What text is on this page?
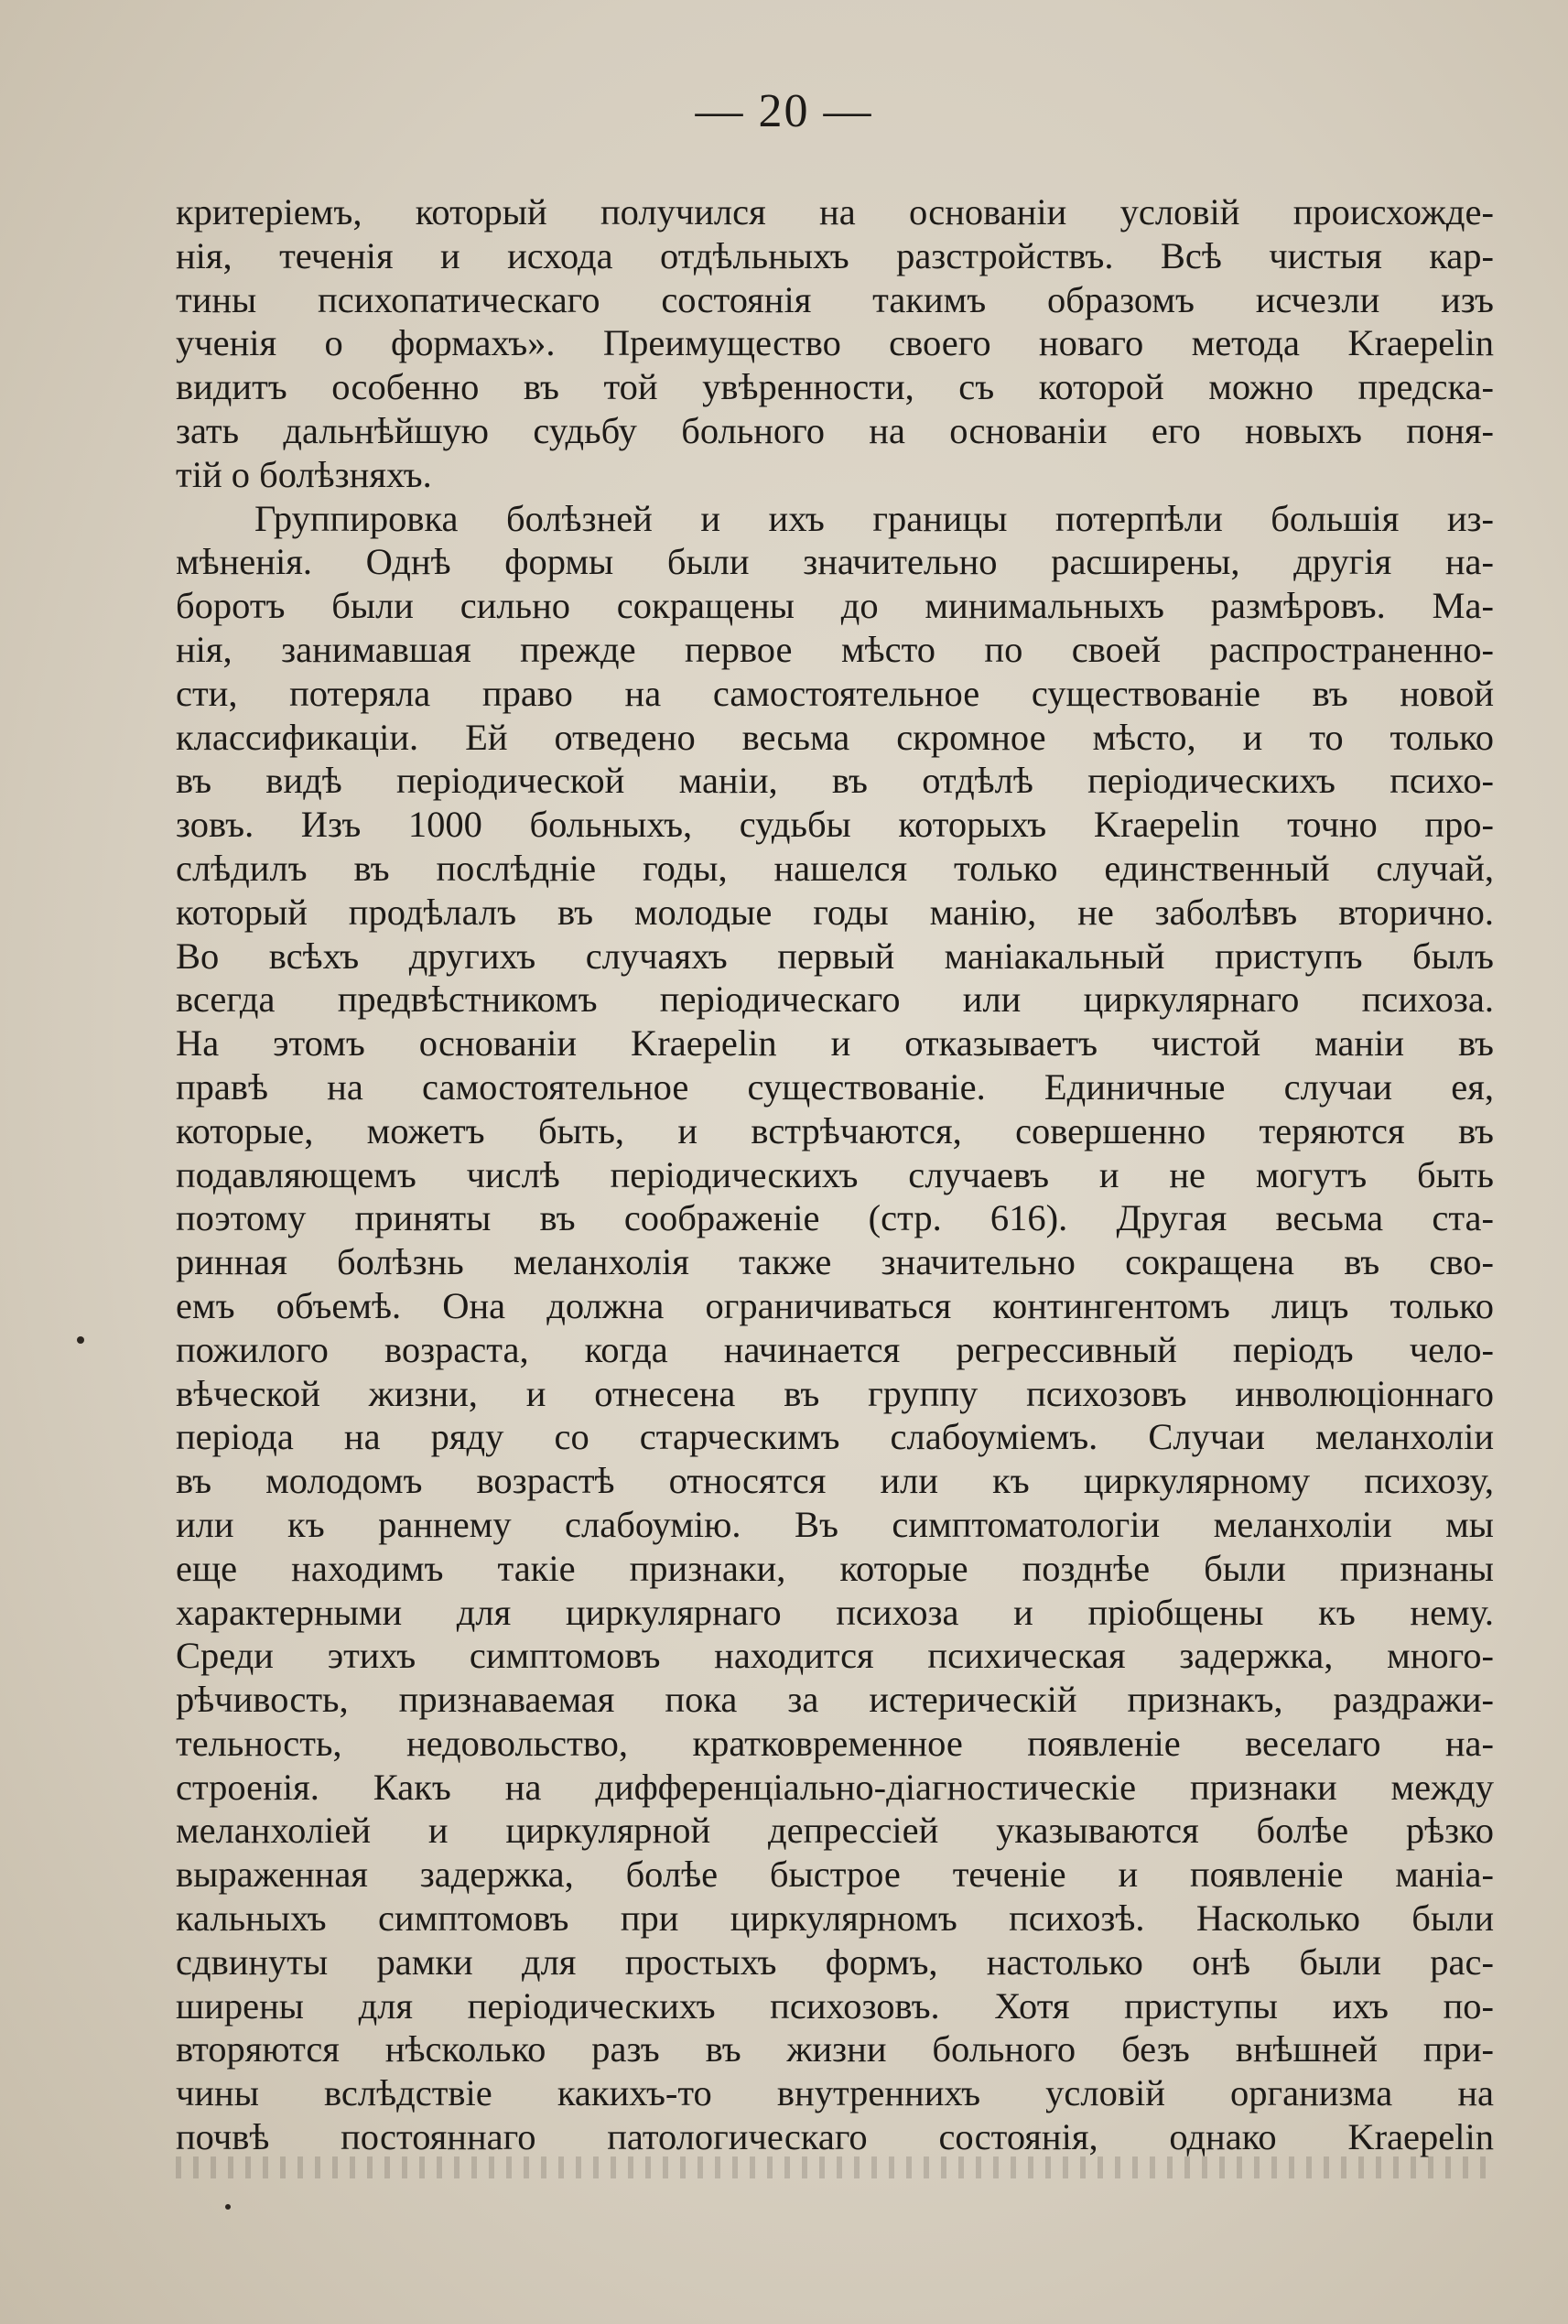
— 20 —
критеріемъ, который получился на основаніи условій происхожде-
нія, теченія и исхода отдѣльныхъ разстройствъ. Всѣ чистыя кар-
тины психопатическаго состоянія такимъ образомъ исчезли изъ
ученія о формахъ». Преимущество своего новаго метода Kraepelin
видитъ особенно въ той увѣренности, съ которой можно предска-
зать дальнѣйшую судьбу больного на основаніи его новыхъ поня-
тій о болѣзняхъ.
Группировка болѣзней и ихъ границы потерпѣли большія из-
мѣненія. Однѣ формы были значительно расширены, другія на-
боротъ были сильно сокращены до минимальныхъ размѣровъ. Ма-
нія, занимавшая прежде первое мѣсто по своей распространенно-
сти, потеряла право на самостоятельное существованіе въ новой
классификаціи. Ей отведено весьма скромное мѣсто, и то только
въ видѣ періодической маніи, въ отдѣлѣ періодическихъ психо-
зовъ. Изъ 1000 больныхъ, судьбы которыхъ Kraepelin точно про-
слѣдилъ въ послѣдніе годы, нашелся только единственный случай,
который продѣлалъ въ молодые годы манію, не заболѣвъ вторично.
Во всѣхъ другихъ случаяхъ первый маніакальный приступъ былъ
всегда предвѣстникомъ періодическаго или циркулярнаго психоза.
На этомъ основаніи Kraepelin и отказываетъ чистой маніи въ
правѣ на самостоятельное существованіе. Единичные случаи ея,
которые, можетъ быть, и встрѣчаются, совершенно теряются въ
подавляющемъ числѣ періодическихъ случаевъ и не могутъ быть
поэтому приняты въ соображеніе (стр. 616). Другая весьма ста-
ринная болѣзнь меланхолія также значительно сокращена въ сво-
емъ объемѣ. Она должна ограничиваться контингентомъ лицъ только
пожилого возраста, когда начинается регрессивный періодъ чело-
вѣческой жизни, и отнесена въ группу психозовъ инволюціоннаго
періода на ряду со старческимъ слабоуміемъ. Случаи меланхоліи
въ молодомъ возрастѣ относятся или къ циркулярному психозу,
или къ раннему слабоумію. Въ симптоматологіи меланхоліи мы
еще находимъ такіе признаки, которые позднѣе были признаны
характерными для циркулярнаго психоза и пріобщены къ нему.
Среди этихъ симптомовъ находится психическая задержка, много-
рѣчивость, признаваемая пока за истерическій признакъ, раздражи-
тельность, недовольство, кратковременное появленіе веселаго на-
строенія. Какъ на дифференціально-діагностическіе признаки между
меланхоліей и циркулярной депрессіей указываются болѣе рѣзко
выраженная задержка, болѣе быстрое теченіе и появленіе маніа-
кальныхъ симптомовъ при циркулярномъ психозѣ. Насколько были
сдвинуты рамки для простыхъ формъ, настолько онѣ были рас-
ширены для періодическихъ психозовъ. Хотя приступы ихъ по-
вторяются нѣсколько разъ въ жизни больного безъ внѣшней при-
чины вслѣдствіе какихъ-то внутреннихъ условій организма на
почвѣ постояннаго патологическаго состоянія, однако Kraepelin
